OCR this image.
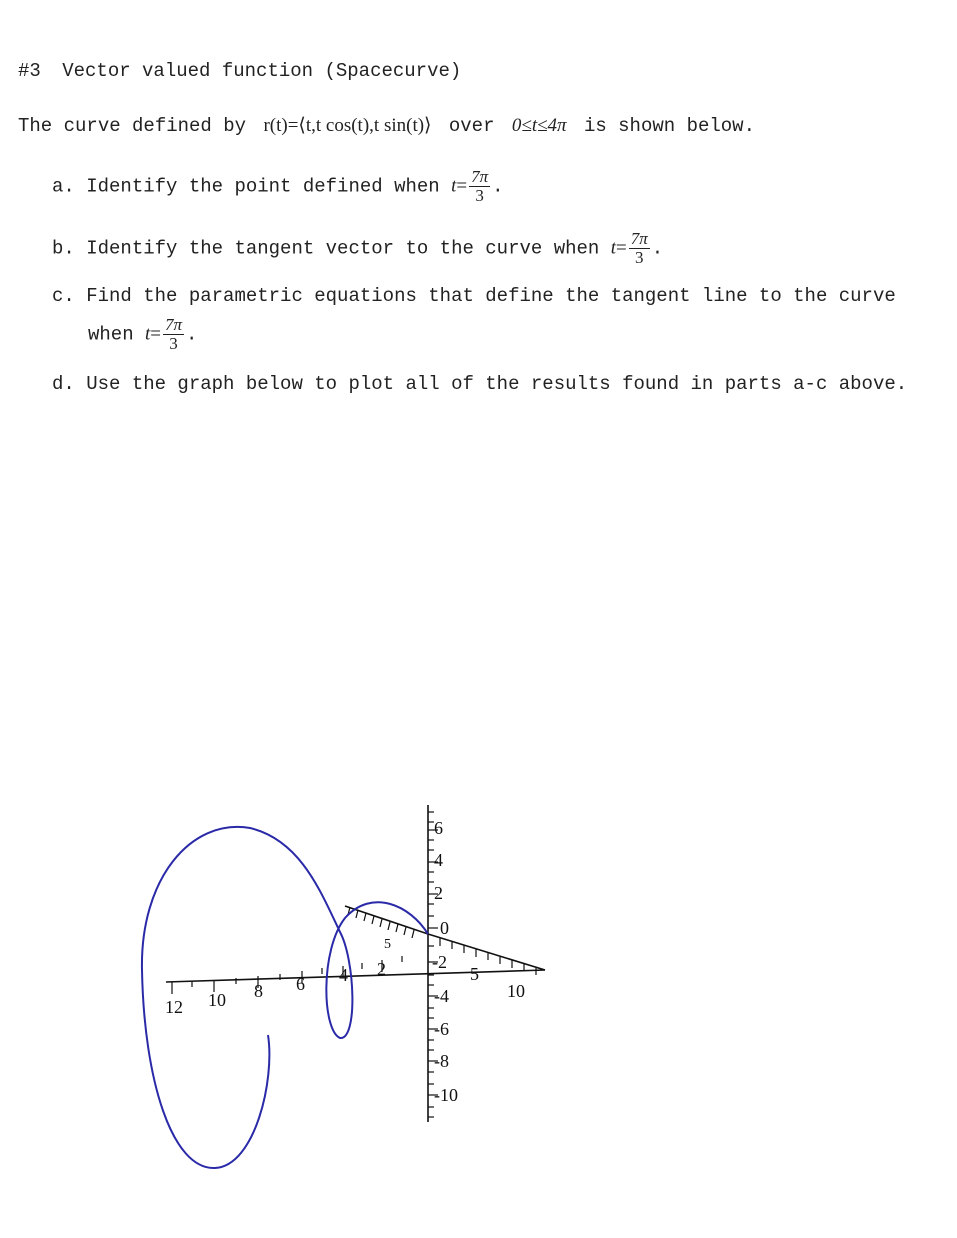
#3 Vector valued function (Spacecurve)
The curve defined by r(t)=⟨t,t cos(t),t sin(t)⟩ over 0≤t≤4π is shown below.
a. Identify the point defined when $t= \frac{7\pi}{3}$ .
b. Identify the tangent vector to the curve when $t= \frac{7\pi}{3}$ .
c. Find the parametric equations that define the tangent line to the curve
when $t= \frac{7\pi}{3}$ .
d. Use the graph below to plot all of the results found in parts a-c above.
6
4
2
0
-2
-4
-6
-8
-10
12 10 8 6 4 2	5
10
5
